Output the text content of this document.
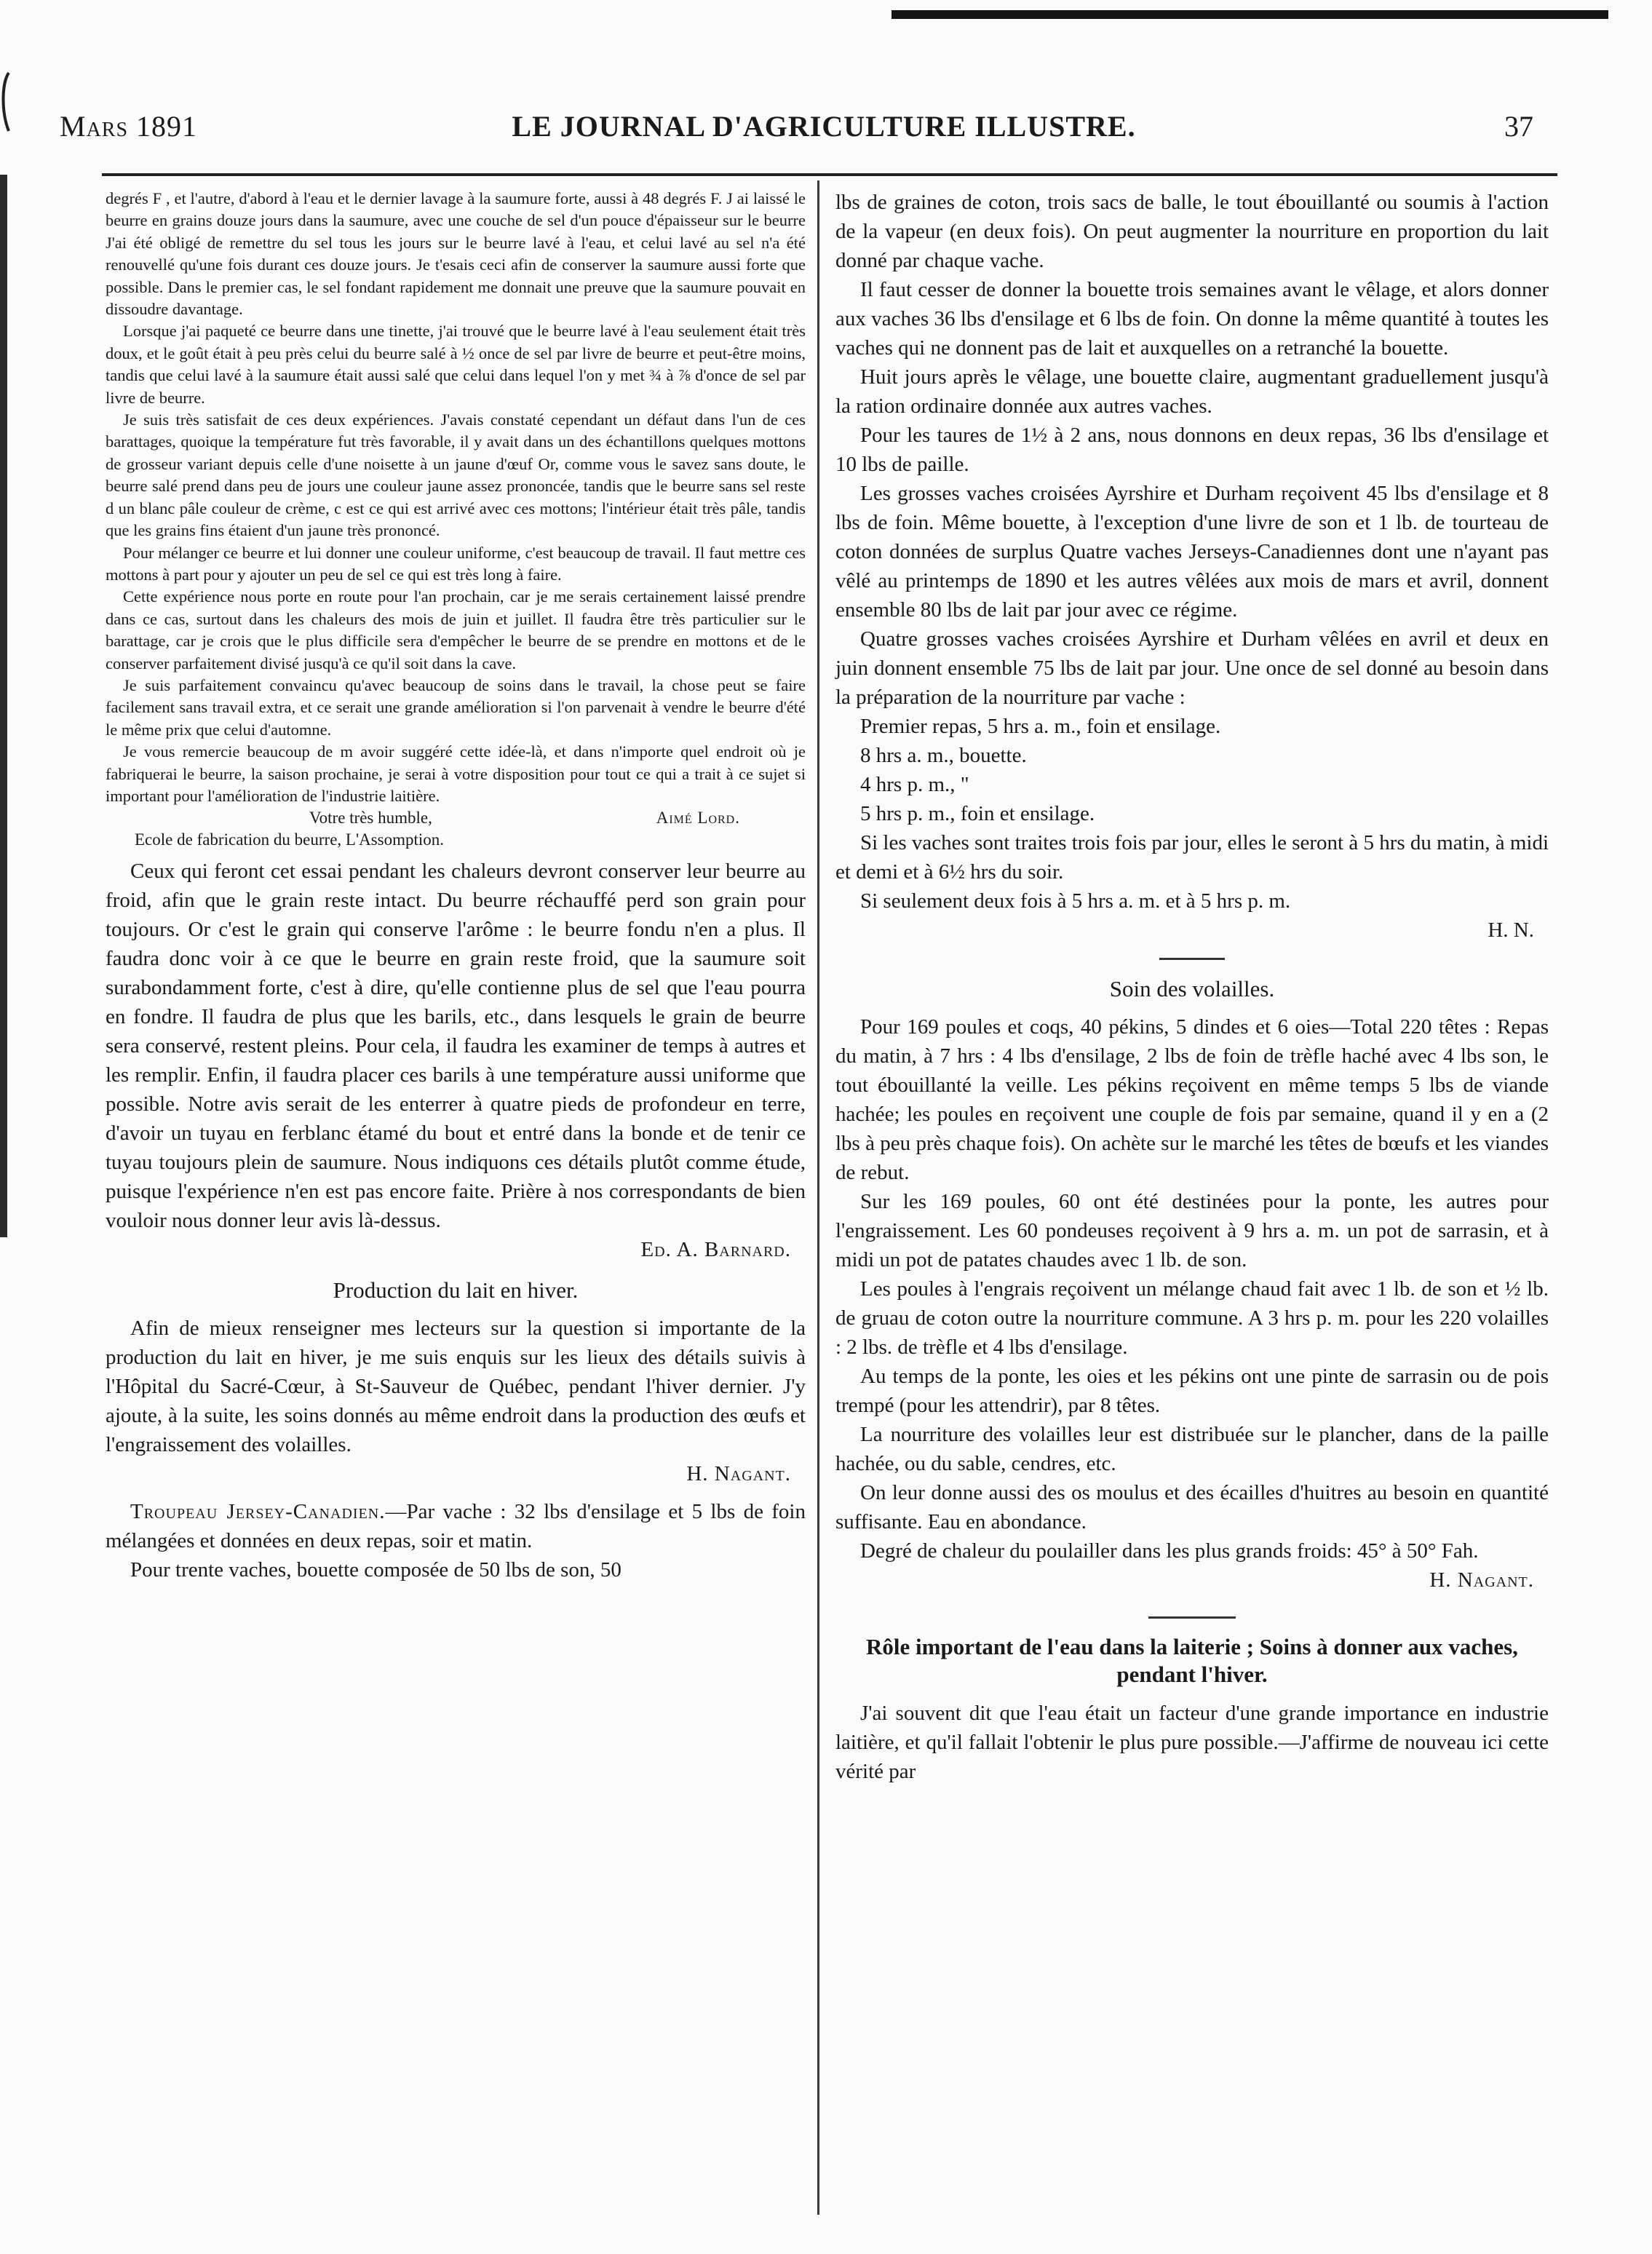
Mars 1891	LE JOURNAL D'AGRICULTURE ILLUSTRE.	37

degrés F , et l'autre, d'abord à l'eau et le dernier lavage à la saumure forte, aussi à 48 degrés F. J ai laissé le beurre en grains douze jours dans la saumure, avec une couche de sel d'un pouce d'épaisseur sur le beurre J'ai été obligé de remettre du sel tous les jours sur le beurre lavé à l'eau, et celui lavé au sel n'a été renouvellé qu'une fois durant ces douze jours. Je t'esais ceci afin de conserver la saumure aussi forte que possible. Dans le premier cas, le sel fondant rapidement me donnait une preuve que la saumure pouvait en dissoudre davantage.

Lorsque j'ai paqueté ce beurre dans une tinette, j'ai trouvé que le beurre lavé à l'eau seulement était très doux, et le goût était à peu près celui du beurre salé à ½ once de sel par livre de beurre et peut-être moins, tandis que celui lavé à la saumure était aussi salé que celui dans lequel l'on y met ¾ à ⅞ d'once de sel par livre de beurre.

Je suis très satisfait de ces deux expériences. J'avais constaté cependant un défaut dans l'un de ces barattages, quoique la température fut très favorable, il y avait dans un des échantillons quelques mottons de grosseur variant depuis celle d'une noisette à un jaune d'œuf Or, comme vous le savez sans doute, le beurre salé prend dans peu de jours une couleur jaune assez prononcée, tandis que le beurre sans sel reste d un blanc pâle couleur de crème, c est ce qui est arrivé avec ces mottons; l'intérieur était très pâle, tandis que les grains fins étaient d'un jaune très prononcé.

Pour mélanger ce beurre et lui donner une couleur uniforme, c'est beaucoup de travail. Il faut mettre ces mottons à part pour y ajouter un peu de sel ce qui est très long à faire.

Cette expérience nous porte en route pour l'an prochain, car je me serais certainement laissé prendre dans ce cas, surtout dans les chaleurs des mois de juin et juillet. Il faudra être très particulier sur le barattage, car je crois que le plus difficile sera d'empêcher le beurre de se prendre en mottons et de le conserver parfaitement divisé jusqu'à ce qu'il soit dans la cave.

Je suis parfaitement convaincu qu'avec beaucoup de soins dans le travail, la chose peut se faire facilement sans travail extra, et ce serait une grande amélioration si l'on parvenait à vendre le beurre d'été le même prix que celui d'automne.

Je vous remercie beaucoup de m avoir suggéré cette idée-là, et dans n'importe quel endroit où je fabriquerai le beurre, la saison prochaine, je serai à votre disposition pour tout ce qui a trait à ce sujet si important pour l'amélioration de l'industrie laitière.

Votre très humble,	Aimé Lord.
Ecole de fabrication du beurre, L'Assomption.

Ceux qui feront cet essai pendant les chaleurs devront conserver leur beurre au froid, afin que le grain reste intact. Du beurre réchauffé perd son grain pour toujours. Or c'est le grain qui conserve l'arôme : le beurre fondu n'en a plus. Il faudra donc voir à ce que le beurre en grain reste froid, que la saumure soit surabondamment forte, c'est à dire, qu'elle contienne plus de sel que l'eau pourra en fondre. Il faudra de plus que les barils, etc., dans lesquels le grain de beurre sera conservé, restent pleins. Pour cela, il faudra les examiner de temps à autres et les remplir. Enfin, il faudra placer ces barils à une température aussi uniforme que possible. Notre avis serait de les enterrer à quatre pieds de profondeur en terre, d'avoir un tuyau en ferblanc étamé du bout et entré dans la bonde et de tenir ce tuyau toujours plein de saumure. Nous indiquons ces détails plutôt comme étude, puisque l'expérience n'en est pas encore faite. Prière à nos correspondants de bien vouloir nous donner leur avis là-dessus.

Ed. A. Barnard.

Production du lait en hiver.

Afin de mieux renseigner mes lecteurs sur la question si importante de la production du lait en hiver, je me suis enquis sur les lieux des détails suivis à l'Hôpital du Sacré-Cœur, à St-Sauveur de Québec, pendant l'hiver dernier. J'y ajoute, à la suite, les soins donnés au même endroit dans la production des œufs et l'engraissement des volailles.

H. Nagant.

Troupeau Jersey-Canadien.—Par vache : 32 lbs d'ensilage et 5 lbs de foin mélangées et données en deux repas, soir et matin.

Pour trente vaches, bouette composée de 50 lbs de son, 50

lbs de graines de coton, trois sacs de balle, le tout ébouillanté ou soumis à l'action de la vapeur (en deux fois). On peut augmenter la nourriture en proportion du lait donné par chaque vache.

Il faut cesser de donner la bouette trois semaines avant le vêlage, et alors donner aux vaches 36 lbs d'ensilage et 6 lbs de foin. On donne la même quantité à toutes les vaches qui ne donnent pas de lait et auxquelles on a retranché la bouette.

Huit jours après le vêlage, une bouette claire, augmentant graduellement jusqu'à la ration ordinaire donnée aux autres vaches.

Pour les taures de 1½ à 2 ans, nous donnons en deux repas, 36 lbs d'ensilage et 10 lbs de paille.

Les grosses vaches croisées Ayrshire et Durham reçoivent 45 lbs d'ensilage et 8 lbs de foin. Même bouette, à l'exception d'une livre de son et 1 lb. de tourteau de coton données de surplus Quatre vaches Jerseys-Canadiennes dont une n'ayant pas vêlé au printemps de 1890 et les autres vêlées aux mois de mars et avril, donnent ensemble 80 lbs de lait par jour avec ce régime.

Quatre grosses vaches croisées Ayrshire et Durham vêlées en avril et deux en juin donnent ensemble 75 lbs de lait par jour. Une once de sel donné au besoin dans la préparation de la nourriture par vache :

Premier repas, 5 hrs a. m., foin et ensilage.

8 hrs a. m., bouette.

4 hrs p. m., "

5 hrs p. m., foin et ensilage.

Si les vaches sont traites trois fois par jour, elles le seront à 5 hrs du matin, à midi et demi et à 6½ hrs du soir.

Si seulement deux fois à 5 hrs a. m. et à 5 hrs p. m.

H. N.

Soin des volailles.

Pour 169 poules et coqs, 40 pékins, 5 dindes et 6 oies—Total 220 têtes : Repas du matin, à 7 hrs : 4 lbs d'ensilage, 2 lbs de foin de trèfle haché avec 4 lbs son, le tout ébouillanté la veille. Les pékins reçoivent en même temps 5 lbs de viande hachée; les poules en reçoivent une couple de fois par semaine, quand il y en a (2 lbs à peu près chaque fois). On achète sur le marché les têtes de bœufs et les viandes de rebut.

Sur les 169 poules, 60 ont été destinées pour la ponte, les autres pour l'engraissement. Les 60 pondeuses reçoivent à 9 hrs a. m. un pot de sarrasin, et à midi un pot de patates chaudes avec 1 lb. de son.

Les poules à l'engrais reçoivent un mélange chaud fait avec 1 lb. de son et ½ lb. de gruau de coton outre la nourriture commune. A 3 hrs p. m. pour les 220 volailles : 2 lbs. de trèfle et 4 lbs d'ensilage.

Au temps de la ponte, les oies et les pékins ont une pinte de sarrasin ou de pois trempé (pour les attendrir), par 8 têtes.

La nourriture des volailles leur est distribuée sur le plancher, dans de la paille hachée, ou du sable, cendres, etc.

On leur donne aussi des os moulus et des écailles d'huitres au besoin en quantité suffisante. Eau en abondance.

Degré de chaleur du poulailler dans les plus grands froids: 45° à 50° Fah.

H. Nagant.

Rôle important de l'eau dans la laiterie ; Soins à donner aux vaches, pendant l'hiver.

J'ai souvent dit que l'eau était un facteur d'une grande importance en industrie laitière, et qu'il fallait l'obtenir le plus pure possible.—J'affirme de nouveau ici cette vérité par
